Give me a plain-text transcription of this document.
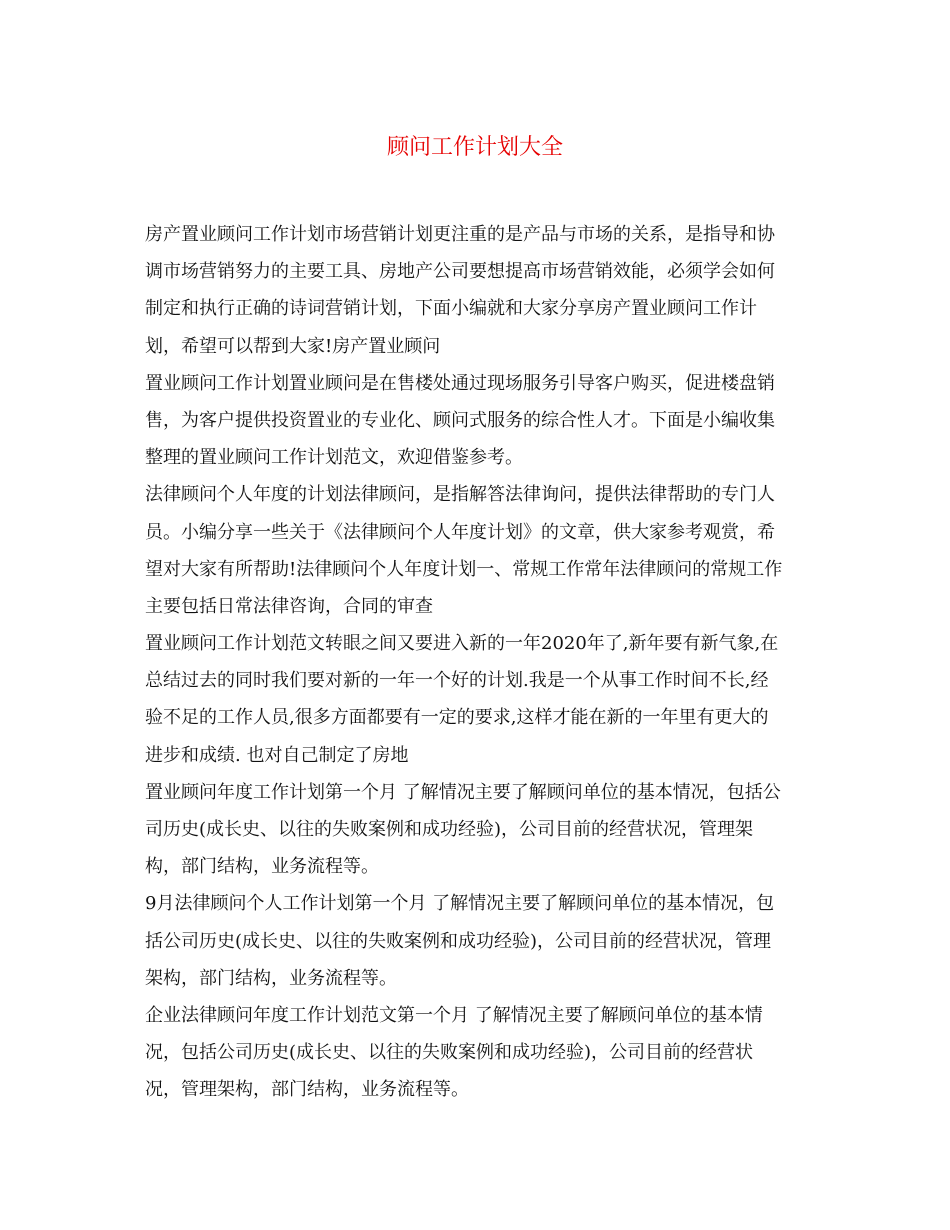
顾问工作计划大全

房产置业顾问工作计划市场营销计划更注重的是产品与市场的关系，是指导和协
调市场营销努力的主要工具、房地产公司要想提高市场营销效能，必须学会如何
制定和执行正确的诗词营销计划，下面小编就和大家分享房产置业顾问工作计
划，希望可以帮到大家!房产置业顾问

置业顾问工作计划置业顾问是在售楼处通过现场服务引导客户购买，促进楼盘销
售，为客户提供投资置业的专业化、顾问式服务的综合性人才。下面是小编收集
整理的置业顾问工作计划范文，欢迎借鉴参考。

法律顾问个人年度的计划法律顾问，是指解答法律询问，提供法律帮助的专门人
员。小编分享一些关于《法律顾问个人年度计划》的文章，供大家参考观赏，希
望对大家有所帮助!法律顾问个人年度计划一、常规工作常年法律顾问的常规工作
主要包括日常法律咨询，合同的审查

置业顾问工作计划范文转眼之间又要进入新的一年2020年了,新年要有新气象,在
总结过去的同时我们要对新的一年一个好的计划.我是一个从事工作时间不长,经
验不足的工作人员,很多方面都要有一定的要求,这样才能在新的一年里有更大的
进步和成绩. 也对自己制定了房地

置业顾问年度工作计划第一个月 了解情况主要了解顾问单位的基本情况，包括公
司历史(成长史、以往的失败案例和成功经验)，公司目前的经营状况，管理架
构，部门结构，业务流程等。

9月法律顾问个人工作计划第一个月 了解情况主要了解顾问单位的基本情况，包
括公司历史(成长史、以往的失败案例和成功经验)，公司目前的经营状况，管理
架构，部门结构，业务流程等。

企业法律顾问年度工作计划范文第一个月 了解情况主要了解顾问单位的基本情
况，包括公司历史(成长史、以往的失败案例和成功经验)，公司目前的经营状
况，管理架构，部门结构，业务流程等。
